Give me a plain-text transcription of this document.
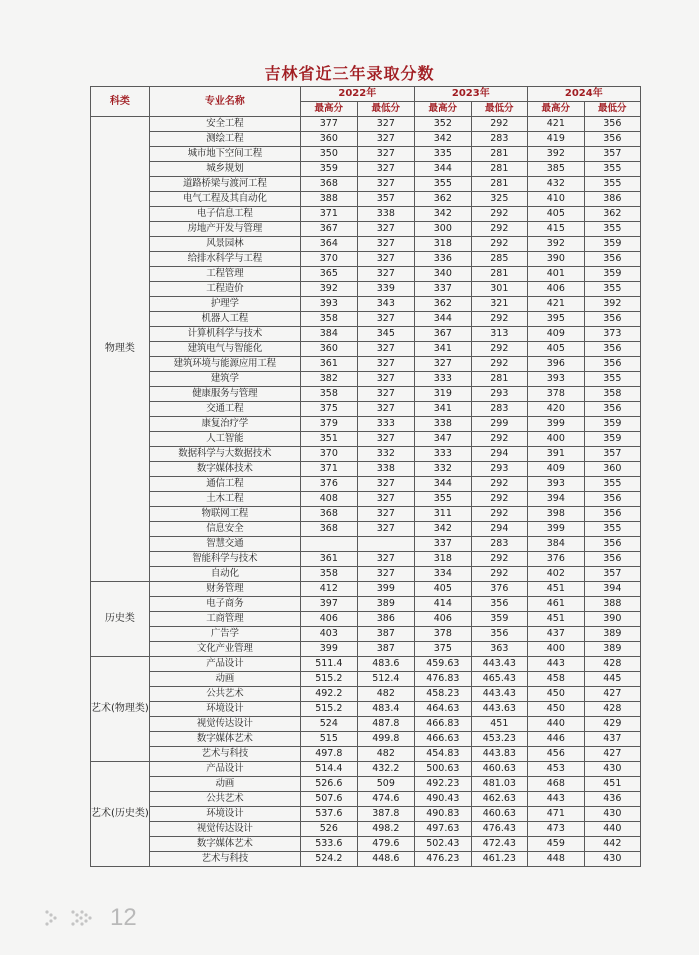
吉林省近三年录取分数
科类	专业名称	2022年		2023年		2024年	
		最高分	最低分	最高分	最低分	最高分	最低分

物理类	安全工程	377	327	352	292	421	356
	测绘工程	360	327	342	283	419	356
	城市地下空间工程	350	327	335	281	392	357
	城乡规划	359	327	344	281	385	355
	道路桥梁与渡河工程	368	327	355	281	432	355
	电气工程及其自动化	388	357	362	325	410	386
	电子信息工程	371	338	342	292	405	362
	房地产开发与管理	367	327	300	292	415	355
	风景园林	364	327	318	292	392	359
	给排水科学与工程	370	327	336	285	390	356
	工程管理	365	327	340	281	401	359
	工程造价	392	339	337	301	406	355
	护理学	393	343	362	321	421	392
	机器人工程	358	327	344	292	395	356
	计算机科学与技术	384	345	367	313	409	373
	建筑电气与智能化	360	327	341	292	405	356
	建筑环境与能源应用工程	361	327	327	292	396	356
	建筑学	382	327	333	281	393	355
	健康服务与管理	358	327	319	293	378	358
	交通工程	375	327	341	283	420	356
	康复治疗学	379	333	338	299	399	359
	人工智能	351	327	347	292	400	359
	数据科学与大数据技术	370	332	333	294	391	357
	数字媒体技术	371	338	332	293	409	360
	通信工程	376	327	344	292	393	355
	土木工程	408	327	355	292	394	356
	物联网工程	368	327	311	292	398	356
	信息安全	368	327	342	294	399	355
	智慧交通			337	283	384	356
	智能科学与技术	361	327	318	292	376	356
	自动化	358	327	334	292	402	357

历史类	财务管理	412	399	405	376	451	394
	电子商务	397	389	414	356	461	388
	工商管理	406	386	406	359	451	390
	广告学	403	387	378	356	437	389
	文化产业管理	399	387	375	363	400	389

艺术(物理类)	产品设计	511.4	483.6	459.63	443.43	443	428
	动画	515.2	512.4	476.83	465.43	458	445
	公共艺术	492.2	482	458.23	443.43	450	427
	环境设计	515.2	483.4	464.63	443.63	450	428
	视觉传达设计	524	487.8	466.83	451	440	429
	数字媒体艺术	515	499.8	466.63	453.23	446	437
	艺术与科技	497.8	482	454.83	443.83	456	427

艺术(历史类)	产品设计	514.4	432.2	500.63	460.63	453	430
	动画	526.6	509	492.23	481.03	468	451
	公共艺术	507.6	474.6	490.43	462.63	443	436
	环境设计	537.6	387.8	490.83	460.63	471	430
	视觉传达设计	526	498.2	497.63	476.43	473	440
	数字媒体艺术	533.6	479.6	502.43	472.43	459	442
	艺术与科技	524.2	448.6	476.23	461.23	448	430
12
